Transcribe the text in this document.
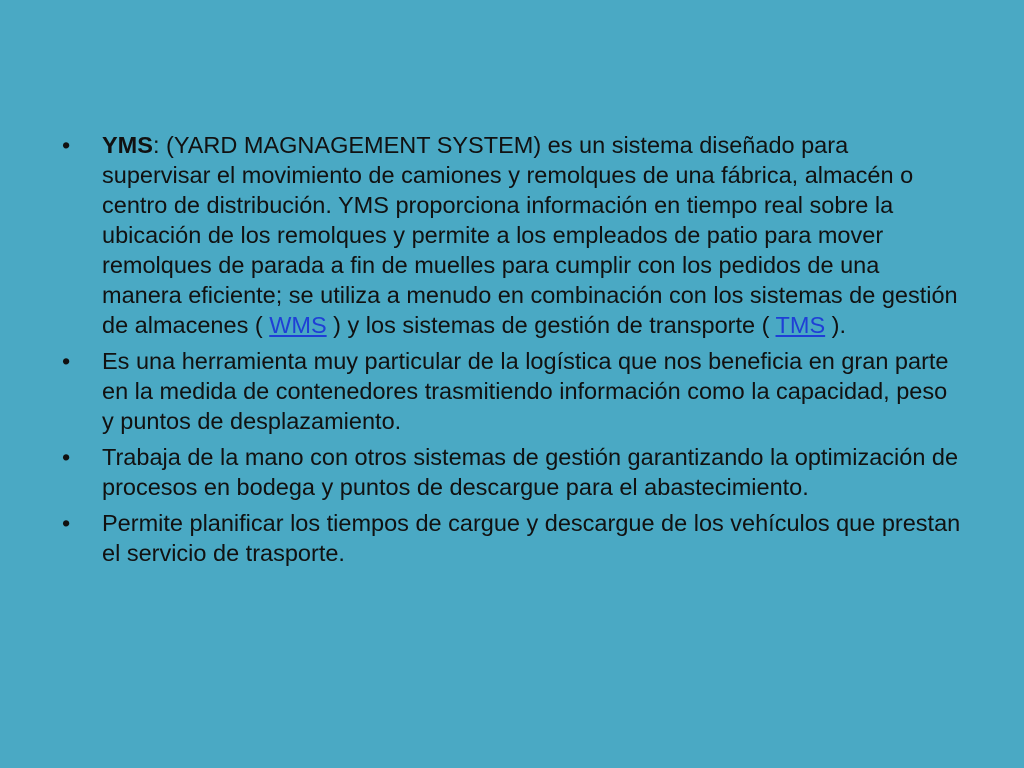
•	YMS: (YARD MAGNAGEMENT SYSTEM) es un sistema diseñado para supervisar el movimiento de camiones y remolques de una fábrica, almacén o centro de distribución. YMS proporciona información en tiempo real sobre la ubicación de los remolques y permite a los empleados de patio para mover remolques de parada a fin de muelles para cumplir con los pedidos de una manera eficiente; se utiliza a menudo en combinación con los sistemas de gestión de almacenes ( WMS ) y los sistemas de gestión de transporte ( TMS ).
•	Es una herramienta muy particular de la logística que nos beneficia en gran parte en la medida de contenedores trasmitiendo información como la capacidad, peso y puntos de desplazamiento.
•	Trabaja de la mano con otros sistemas de gestión garantizando la optimización de procesos en bodega y puntos de descargue para el abastecimiento.
•	Permite planificar los tiempos de cargue y descargue de los vehículos que prestan el servicio de trasporte.
